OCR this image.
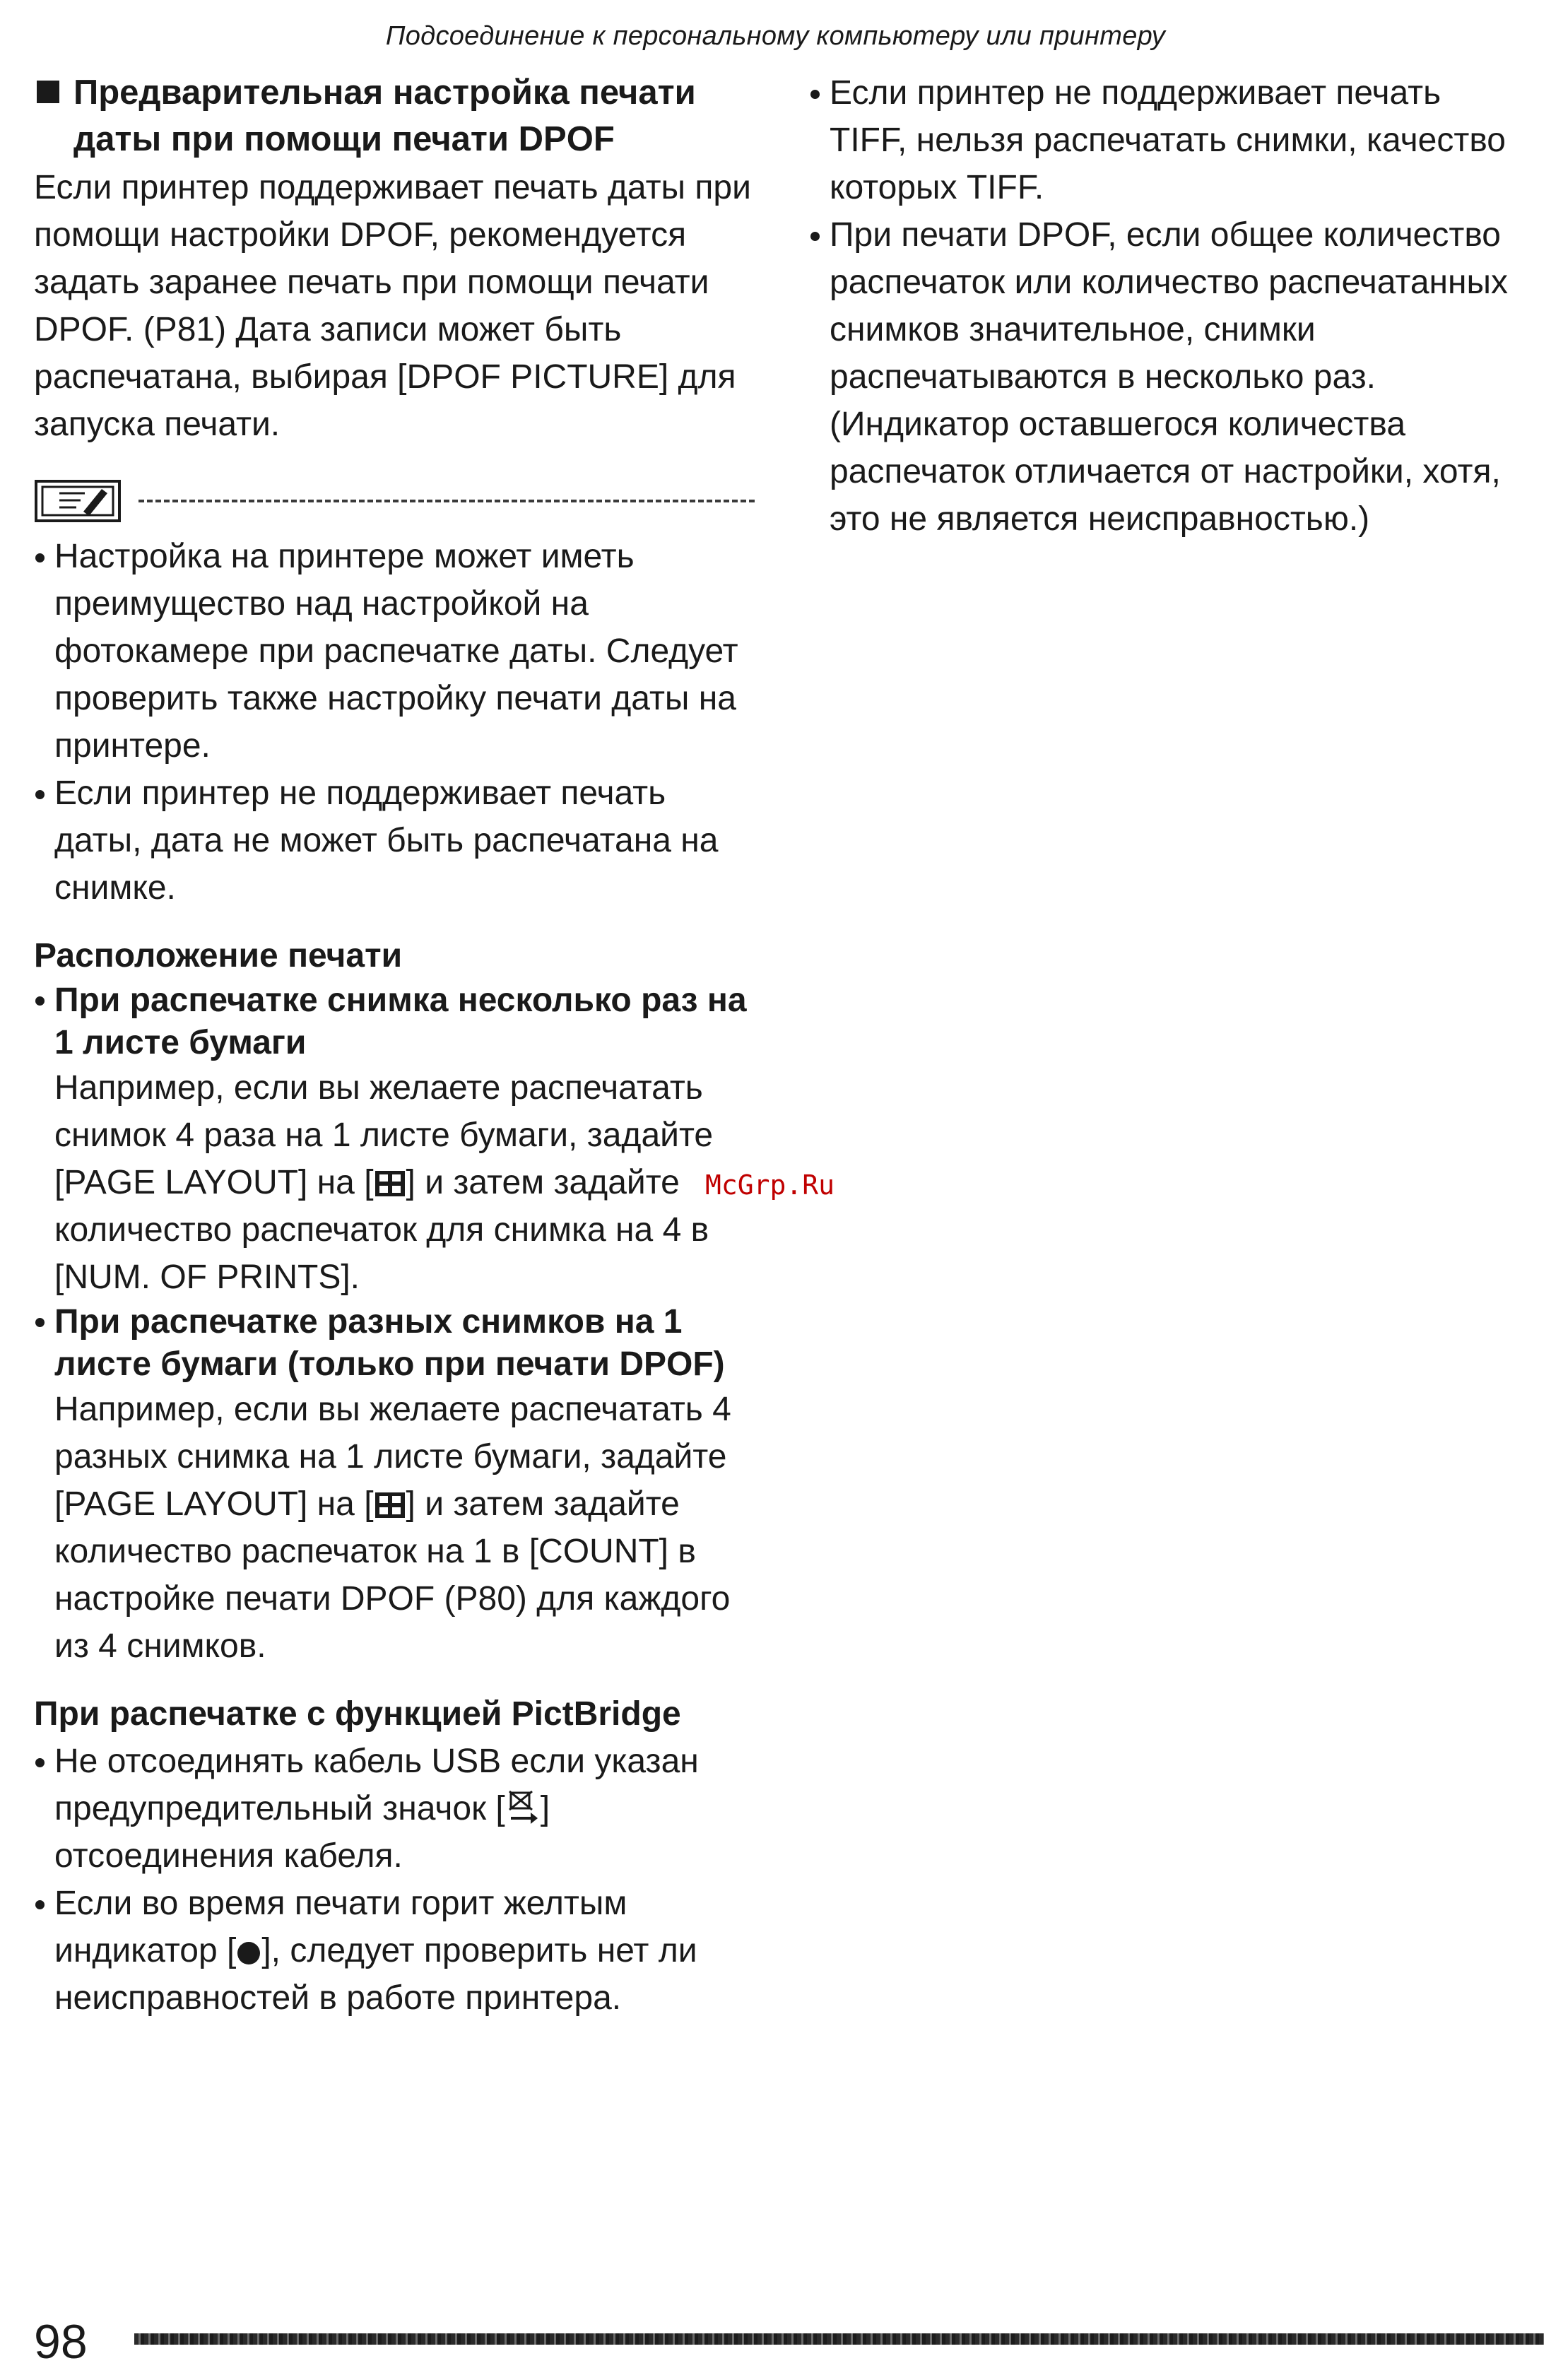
Подсоединение к персональному компьютеру или принтеру
Предварительная настройка печати даты при помощи печати DPOF

Если принтер поддерживает печать даты при помощи настройки DPOF, рекомендуется задать заранее печать при помощи печати DPOF. (P81) Дата записи может быть распечатана, выбирая [DPOF PICTURE] для запуска печати.

Настройка на принтере может иметь преимущество над настройкой на фотокамере при распечатке даты. Следует проверить также настройку печати даты на принтере.
Если принтер не поддерживает печать даты, дата не может быть распечатана на снимке.
Расположение печати
При распечатке снимка несколько раз на 1 листе бумаги
Например, если вы желаете распечатать снимок 4 раза на 1 листе бумаги, задайте [PAGE LAYOUT] на [ ] и затем задайте количество распечаток для снимка на 4 в [NUM. OF PRINTS].
При распечатке разных снимков на 1 листе бумаги (только при печати DPOF)
Например, если вы желаете распечатать 4 разных снимка на 1 листе бумаги, задайте [PAGE LAYOUT] на [ ] и затем задайте количество распечаток на 1 в [COUNT] в настройке печати DPOF (P80) для каждого из 4 снимков.
При распечатке с функцией PictBridge
Не отсоединять кабель USB если указан предупредительный значок [ ] отсоединения кабеля.
Если во время печати горит желтым индикатор [ ], следует проверить нет ли неисправностей в работе принтера.
Если принтер не поддерживает печать TIFF, нельзя распечатать снимки, качество которых TIFF.
При печати DPOF, если общее количество распечаток или количество распечатанных снимков значительное, снимки распечатываются в несколько раз. (Индикатор оставшегося количества распечаток отличается от настройки, хотя, это не является неисправностью.)
McGrp.Ru
98
